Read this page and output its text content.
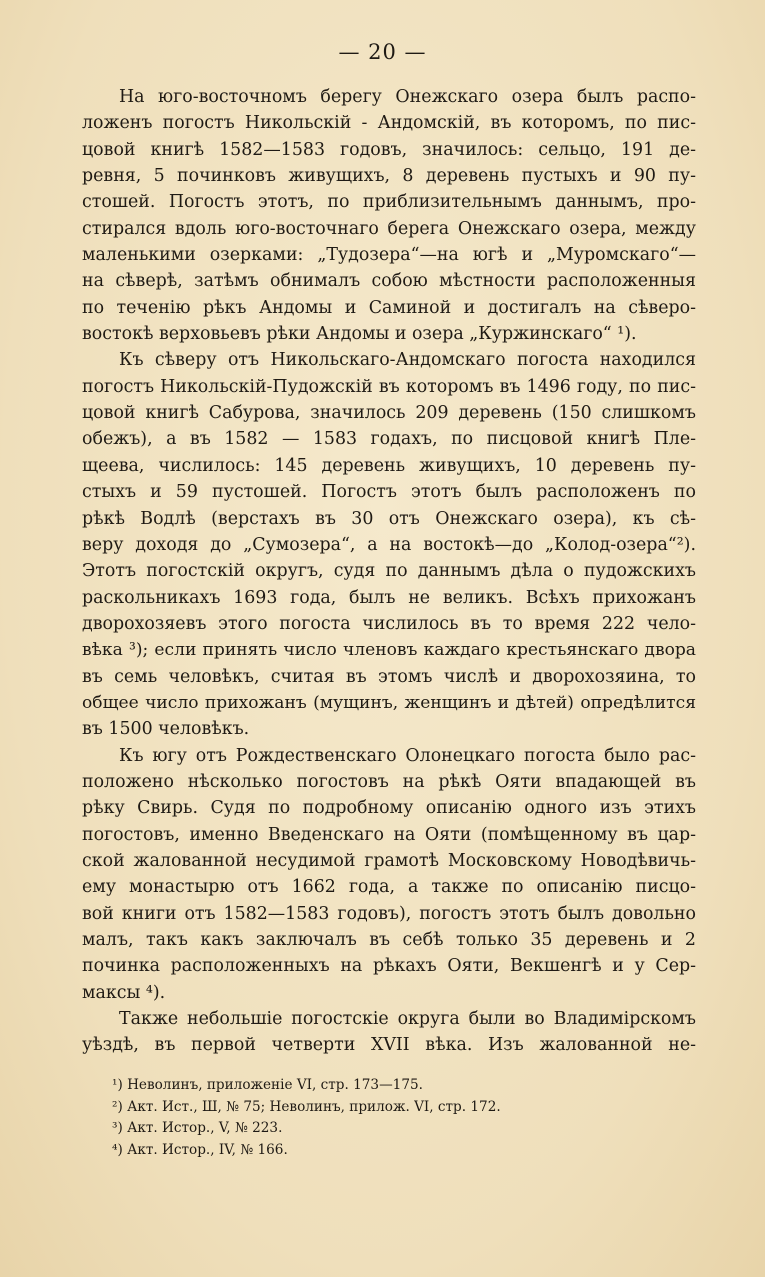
— 20 —
На юго-восточномъ берегу Онежскаго озера былъ распо-
ложенъ погостъ Никольскій - Андомскій, въ которомъ, по пис-
цовой книгѣ 1582—1583 годовъ, значилось: сельцо, 191 де-
ревня, 5 починковъ живущихъ, 8 деревень пустыхъ и 90 пу-
стошей. Погостъ этотъ, по приблизительнымъ даннымъ, про-
стирался вдоль юго-восточнаго берега Онежскаго озера, между
маленькими озерками: „Тудозера“—на югѣ и „Муромскаго“—
на сѣверѣ, затѣмъ обнималъ собою мѣстности расположенныя
по теченію рѣкъ Андомы и Саминой и достигалъ на сѣверо-
востокѣ верховьевъ рѣки Андомы и озера „Куржинскаго“ ¹).
Къ сѣверу отъ Никольскаго-Андомскаго погоста находился
погостъ Никольскій-Пудожскій въ которомъ въ 1496 году, по пис-
цовой книгѣ Сабурова, значилось 209 деревень (150 слишкомъ
обежъ), а въ 1582 — 1583 годахъ, по писцовой книгѣ Пле-
щеева, числилось: 145 деревень живущихъ, 10 деревень пу-
стыхъ и 59 пустошей. Погостъ этотъ былъ расположенъ по
рѣкѣ Водлѣ (верстахъ въ 30 отъ Онежскаго озера), къ сѣ-
веру доходя до „Сумозера“, а на востокѣ—до „Колод-озера“²).
Этотъ погостскій округъ, судя по даннымъ дѣла о пудожскихъ
раскольникахъ 1693 года, былъ не великъ. Всѣхъ прихожанъ
дворохозяевъ этого погоста числилось въ то время 222 чело-
вѣка ³); если принять число членовъ каждаго крестьянскаго двора
въ семь человѣкъ, считая въ этомъ числѣ и дворохозяина, то
общее число прихожанъ (мущинъ, женщинъ и дѣтей) опредѣлится
въ 1500 человѣкъ.
Къ югу отъ Рождественскаго Олонецкаго погоста было рас-
положено нѣсколько погостовъ на рѣкѣ Ояти впадающей въ
рѣку Свирь. Судя по подробному описанію одного изъ этихъ
погостовъ, именно Введенскаго на Ояти (помѣщенному въ цар-
ской жалованной несудимой грамотѣ Московскому Новодѣвичь-
ему монастырю отъ 1662 года, а также по описанію писцо-
вой книги отъ 1582—1583 годовъ), погостъ этотъ былъ довольно
малъ, такъ какъ заключалъ въ себѣ только 35 деревень и 2
починка расположенныхъ на рѣкахъ Ояти, Векшенгѣ и у Сер-
максы ⁴).
Также небольшіе погостскіе округа были во Владимірскомъ
уѣздѣ, въ первой четверти XVII вѣка. Изъ жалованной не-
¹) Неволинъ, приложеніе VI, стр. 173—175.
²) Акт. Ист., Ш, № 75; Неволинъ, прилож. VI, стр. 172.
³) Акт. Истор., V, № 223.
⁴) Акт. Истор., IV, № 166.
